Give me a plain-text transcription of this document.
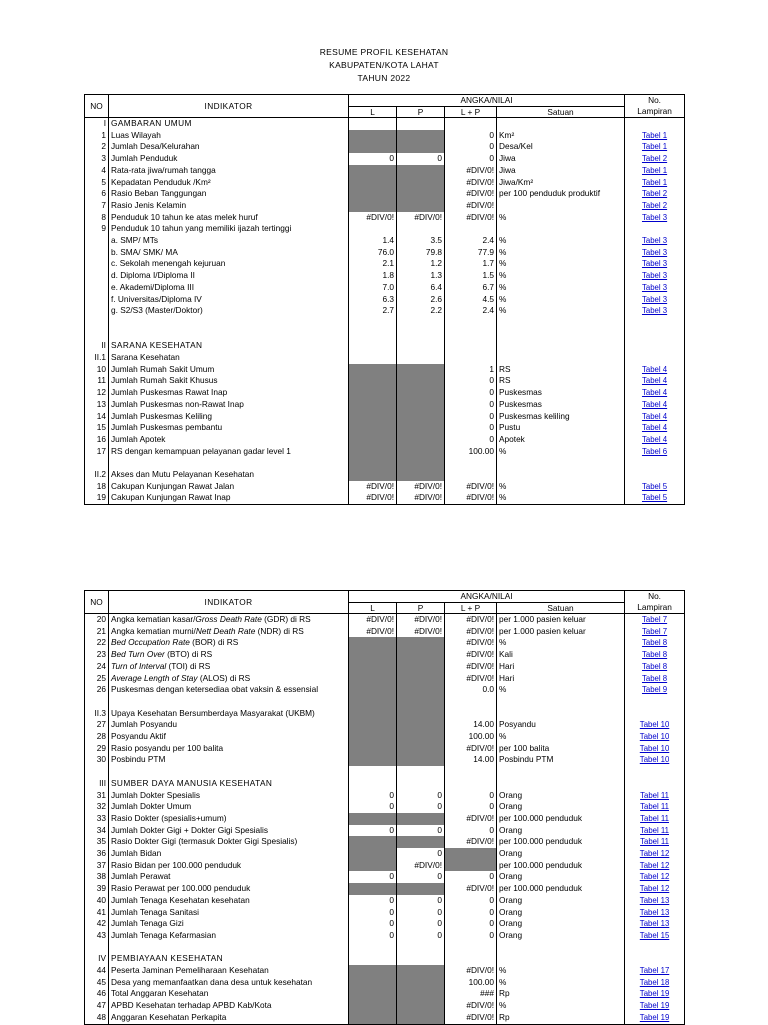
RESUME PROFIL KESEHATAN
KABUPATEN/KOTA LAHAT
TAHUN 2022
NO	INDIKATOR	ANGKA/NILAI				No.
Lampiran
		L	P	L + P	Satuan	
I	GAMBARAN UMUM					
1	Luas Wilayah			0	Km²	Tabel 1
2	Jumlah Desa/Kelurahan			0	Desa/Kel	Tabel 1
3	Jumlah Penduduk	0	0	0	Jiwa	Tabel 2
4	Rata-rata jiwa/rumah tangga			#DIV/0!	Jiwa	Tabel 1
5	Kepadatan Penduduk /Km²			#DIV/0!	Jiwa/Km²	Tabel 1
6	Rasio Beban Tanggungan			#DIV/0!	per 100 penduduk produktif	Tabel 2
7	Rasio Jenis Kelamin			#DIV/0!		Tabel 2
8	Penduduk 10 tahun ke atas melek huruf	#DIV/0!	#DIV/0!	#DIV/0!	%	Tabel 3
9	Penduduk 10 tahun yang memiliki ijazah tertinggi					
	a. SMP/ MTs	1.4	3.5	2.4	%	Tabel 3
	b. SMA/ SMK/ MA	76.0	79.8	77.9	%	Tabel 3
	c. Sekolah menengah kejuruan	2.1	1.2	1.7	%	Tabel 3
	d. Diploma I/Diploma II	1.8	1.3	1.5	%	Tabel 3
	e. Akademi/Diploma III	7.0	6.4	6.7	%	Tabel 3
	f. Universitas/Diploma IV	6.3	2.6	4.5	%	Tabel 3
	g. S2/S3 (Master/Doktor)	2.7	2.2	2.4	%	Tabel 3

II	SARANA KESEHATAN					
II.1	Sarana Kesehatan					
10	Jumlah Rumah Sakit Umum			1	RS	Tabel 4
11	Jumlah Rumah Sakit Khusus			0	RS	Tabel 4
12	Jumlah Puskesmas Rawat Inap			0	Puskesmas	Tabel 4
13	Jumlah Puskesmas non-Rawat Inap			0	Puskesmas	Tabel 4
14	Jumlah Puskesmas Keliling			0	Puskesmas keliling	Tabel 4
15	Jumlah Puskesmas pembantu			0	Pustu	Tabel 4
16	Jumlah Apotek			0	Apotek	Tabel 4
17	RS dengan kemampuan pelayanan gadar level 1			100.00	%	Tabel 6

II.2	Akses dan Mutu Pelayanan Kesehatan					
18	Cakupan Kunjungan Rawat Jalan	#DIV/0!	#DIV/0!	#DIV/0!	%	Tabel 5
19	Cakupan Kunjungan Rawat Inap	#DIV/0!	#DIV/0!	#DIV/0!	%	Tabel 5
NO	INDIKATOR	ANGKA/NILAI				No.
Lampiran
		L	P	L + P	Satuan	
20	Angka kematian kasar/Gross Death Rate (GDR) di RS	#DIV/0!	#DIV/0!	#DIV/0!	per 1.000 pasien keluar	Tabel 7
21	Angka kematian murni/Nett Death Rate (NDR) di RS	#DIV/0!	#DIV/0!	#DIV/0!	per 1.000 pasien keluar	Tabel 7
22	Bed Occupation Rate (BOR) di RS			#DIV/0!	%	Tabel 8
23	Bed Turn Over (BTO) di RS			#DIV/0!	Kali	Tabel 8
24	Turn of Interval (TOI) di RS			#DIV/0!	Hari	Tabel 8
25	Average Length of Stay (ALOS) di RS			#DIV/0!	Hari	Tabel 8
26	Puskesmas dengan ketersediaa obat vaksin & essensial			0.0	%	Tabel 9

II.3	Upaya Kesehatan Bersumberdaya Masyarakat (UKBM)					
27	Jumlah Posyandu			14.00	Posyandu	Tabel 10
28	Posyandu Aktif			100.00	%	Tabel 10
29	Rasio posyandu per 100 balita			#DIV/0!	per 100 balita	Tabel 10
30	Posbindu PTM			14.00	Posbindu PTM	Tabel 10

III	SUMBER DAYA MANUSIA KESEHATAN					
31	Jumlah Dokter Spesialis	0	0	0	Orang	Tabel 11
32	Jumlah Dokter Umum	0	0	0	Orang	Tabel 11
33	Rasio Dokter (spesialis+umum)			#DIV/0!	per 100.000 penduduk	Tabel 11
34	Jumlah Dokter Gigi + Dokter Gigi Spesialis	0	0	0	Orang	Tabel 11
35	Rasio Dokter Gigi (termasuk Dokter Gigi Spesialis)			#DIV/0!	per 100.000 penduduk	Tabel 11
36	Jumlah Bidan		0		Orang	Tabel 12
37	Rasio Bidan per 100.000 penduduk		#DIV/0!		per 100.000 penduduk	Tabel 12
38	Jumlah Perawat	0	0	0	Orang	Tabel 12
39	Rasio Perawat per 100.000 penduduk			#DIV/0!	per 100.000 penduduk	Tabel 12
40	Jumlah Tenaga Kesehatan kesehatan	0	0	0	Orang	Tabel 13
41	Jumlah Tenaga Sanitasi	0	0	0	Orang	Tabel 13
42	Jumlah Tenaga Gizi	0	0	0	Orang	Tabel 13
43	Jumlah Tenaga Kefarmasian	0	0	0	Orang	Tabel 15

IV	PEMBIAYAAN KESEHATAN					
44	Peserta Jaminan Pemeliharaan Kesehatan			#DIV/0!	%	Tabel 17
45	Desa yang memanfaatkan dana desa untuk kesehatan			100.00	%	Tabel 18
46	Total Anggaran Kesehatan			###	Rp	Tabel 19
47	APBD Kesehatan terhadap APBD Kab/Kota			#DIV/0!	%	Tabel 19
48	Anggaran Kesehatan Perkapita			#DIV/0!	Rp	Tabel 19
